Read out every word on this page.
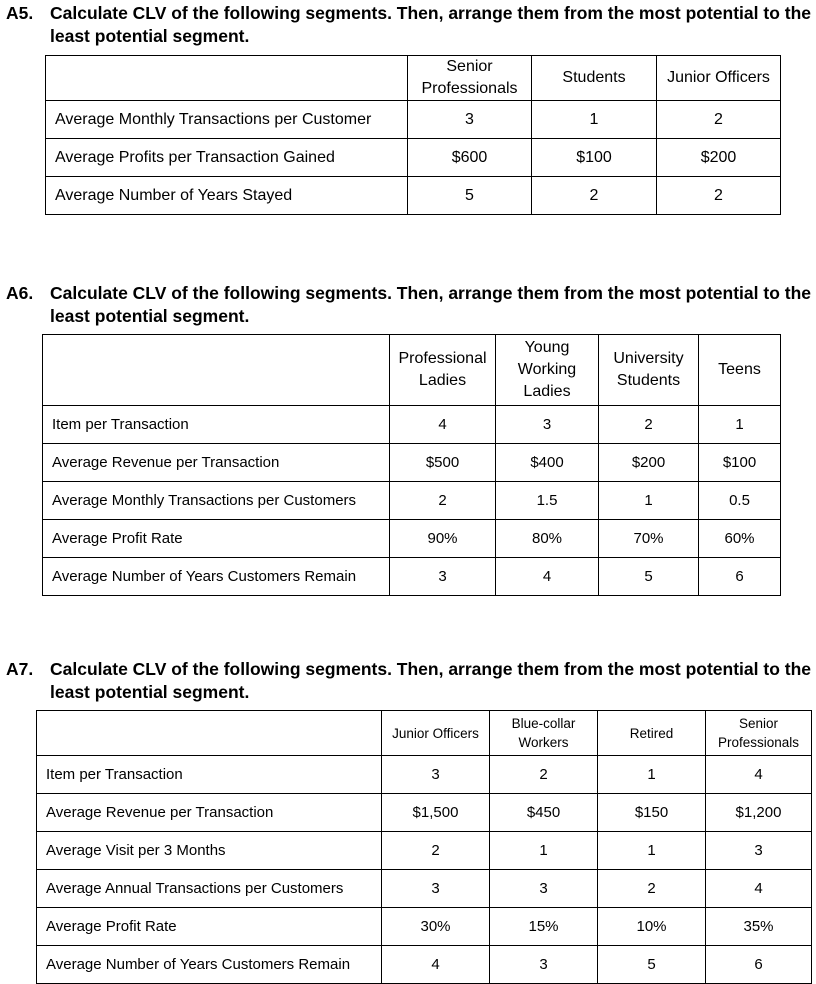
A5. Calculate CLV of the following segments. Then, arrange them from the most potential to the least potential segment.
	Senior Professionals	Students	Junior Officers
Average Monthly Transactions per Customer	3	1	2
Average Profits per Transaction Gained	$600	$100	$200
Average Number of Years Stayed	5	2	2
A6. Calculate CLV of the following segments. Then, arrange them from the most potential to the least potential segment.
	Professional Ladies	Young Working Ladies	University Students	Teens
Item per Transaction	4	3	2	1
Average Revenue per Transaction	$500	$400	$200	$100
Average Monthly Transactions per Customers	2	1.5	1	0.5
Average Profit Rate	90%	80%	70%	60%
Average Number of Years Customers Remain	3	4	5	6
A7. Calculate CLV of the following segments. Then, arrange them from the most potential to the least potential segment.
	Junior Officers	Blue-collar Workers	Retired	Senior Professionals
Item per Transaction	3	2	1	4
Average Revenue per Transaction	$1,500	$450	$150	$1,200
Average Visit per 3 Months	2	1	1	3
Average Annual Transactions per Customers	3	3	2	4
Average Profit Rate	30%	15%	10%	35%
Average Number of Years Customers Remain	4	3	5	6
